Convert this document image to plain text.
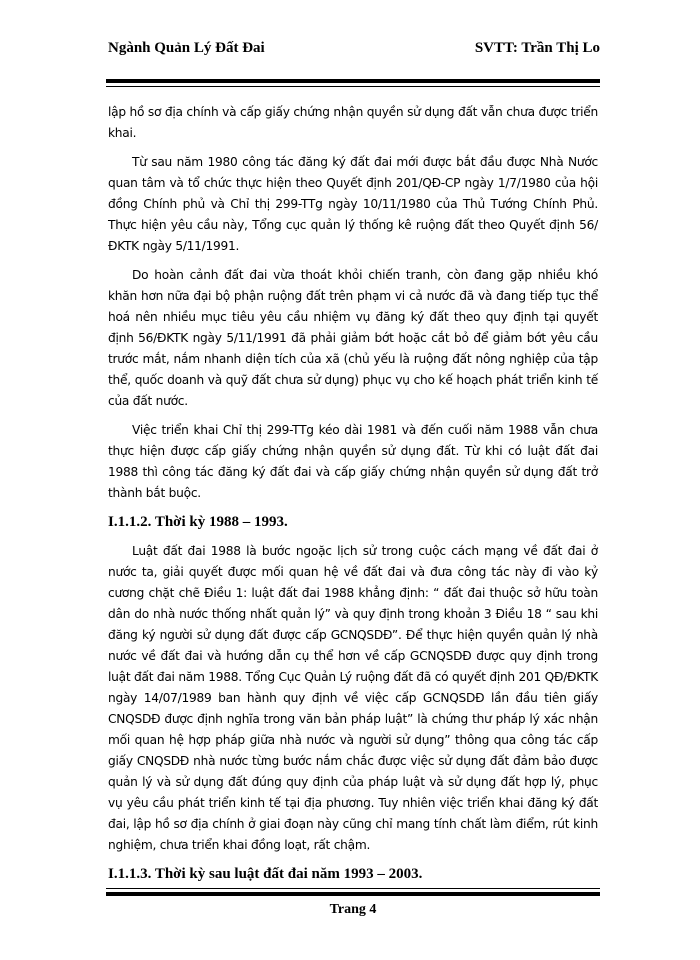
Ngành Quản Lý Đất Đai	SVTT: Trần Thị Lo

lập hồ sơ địa chính và cấp giấy chứng nhận quyền sử dụng đất vẫn chưa được triển khai.

Từ sau năm 1980 công tác đăng ký đất đai mới được bắt đầu được Nhà Nước quan tâm và tổ chức thực hiện theo Quyết định 201/QĐ-CP ngày 1/7/1980 của hội đồng Chính phủ và Chỉ thị 299-TTg ngày 10/11/1980 của Thủ Tướng Chính Phủ. Thực hiện yêu cầu này, Tổng cục quản lý thống kê ruộng đất theo Quyết định 56/ĐKTK ngày 5/11/1991.

Do hoàn cảnh đất đai vừa thoát khỏi chiến tranh, còn đang gặp nhiều khó khăn hơn nữa đại bộ phận ruộng đất trên phạm vi cả nước đã và đang tiếp tục thể hoá nên nhiều mục tiêu yêu cầu nhiệm vụ đăng ký đất theo quy định tại quyết định 56/ĐKTK ngày 5/11/1991 đã phải giảm bớt hoặc cắt bỏ để giảm bớt yêu cầu trước mắt, nắm nhanh diện tích của xã (chủ yếu là ruộng đất nông nghiệp của tập thể, quốc doanh và quỹ đất chưa sử dụng) phục vụ cho kế hoạch phát triển kinh tế của đất nước.

Việc triển khai Chỉ thị 299-TTg kéo dài 1981 và đến cuối năm 1988 vẫn chưa thực hiện được cấp giấy chứng nhận quyền sử dụng đất. Từ khi có luật đất đai 1988 thì công tác đăng ký đất đai và cấp giấy chứng nhận quyền sử dụng đất trở thành bắt buộc.

I.1.1.2. Thời kỳ 1988 – 1993.

Luật đất đai 1988 là bước ngoặc lịch sử trong cuộc cách mạng về đất đai ở nước ta, giải quyết được mối quan hệ về đất đai và đưa công tác này đi vào kỷ cương chặt chẽ Điều 1: luật đất đai 1988 khẳng định: “ đất đai thuộc sở hữu toàn dân do nhà nước thống nhất quản lý” và quy định trong khoản 3 Điều 18 “ sau khi đăng ký người sử dụng đất được cấp GCNQSDĐ”. Để thực hiện quyền quản lý nhà nước về đất đai và hướng dẫn cụ thể hơn về cấp GCNQSDĐ được quy định trong luật đất đai năm 1988. Tổng Cục Quản Lý ruộng đất đã có quyết định 201 QĐ/ĐKTK ngày 14/07/1989 ban hành quy định về việc cấp GCNQSDĐ lần đầu tiên giấy CNQSDĐ được định nghĩa trong văn bản pháp luật” là chứng thư pháp lý xác nhận mối quan hệ hợp pháp giữa nhà nước và người sử dụng” thông qua công tác cấp giấy CNQSDĐ nhà nước từng bước nắm chắc được việc sử dụng đất đảm bảo được quản lý và sử dụng đất đúng quy định của pháp luật và sử dụng đất hợp lý, phục vụ yêu cầu phát triển kinh tế tại địa phương. Tuy nhiên việc triển khai đăng ký đất đai, lập hồ sơ địa chính ở giai đoạn này cũng chỉ mang tính chất làm điểm, rút kinh nghiệm, chưa triển khai đồng loạt, rất chậm.

I.1.1.3. Thời kỳ sau luật đất đai năm 1993 – 2003.
Trang 4
